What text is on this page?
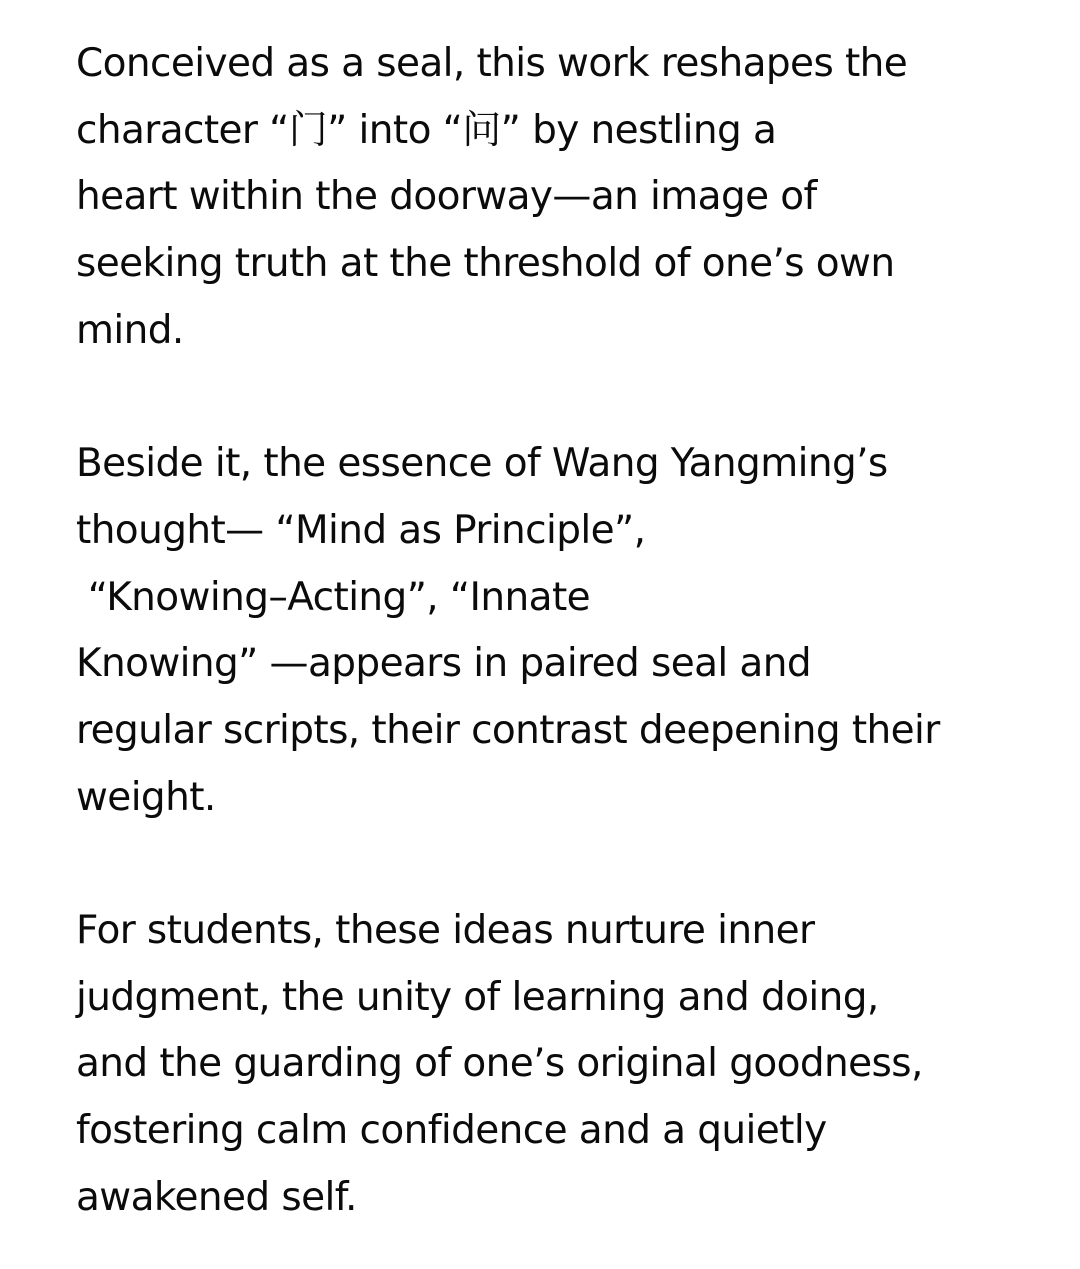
Conceived as a seal, this work reshapes the
character “门” into “问” by nestling a
heart within the doorway—an image of
seeking truth at the threshold of one’s own
mind.

Beside it, the essence of Wang Yangming’s
thought— “Mind as Principle”,
“Knowing–Acting”, “Innate
Knowing” —appears in paired seal and
regular scripts, their contrast deepening their
weight.

For students, these ideas nurture inner
judgment, the unity of learning and doing,
and the guarding of one’s original goodness,
fostering calm confidence and a quietly
awakened self.
